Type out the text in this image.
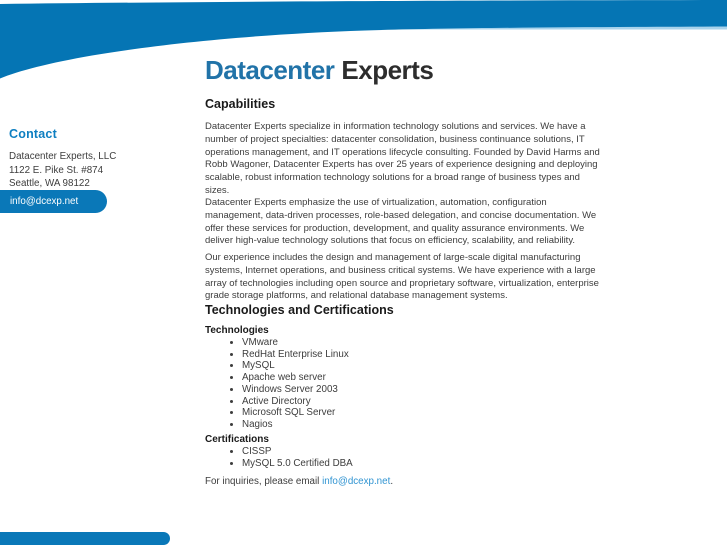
Contact
Datacenter Experts, LLC
1122 E. Pike St. #874
Seattle, WA 98122
info@dcexp.net
Datacenter Experts
Capabilities
Datacenter Experts specialize in information technology solutions and services. We have a
number of project specialties: datacenter consolidation, business continuance solutions, IT
operations management, and IT operations lifecycle consulting. Founded by David Harms and
Robb Wagoner, Datacenter Experts has over 25 years of experience designing and deploying
scalable, robust information technology solutions for a broad range of business types and
sizes.
Datacenter Experts emphasize the use of virtualization, automation, configuration
management, data-driven processes, role-based delegation, and concise documentation. We
offer these services for production, development, and quality assurance environments. We
deliver high-value technology solutions that focus on efficiency, scalability, and reliability.
Our experience includes the design and management of large-scale digital manufacturing
systems, Internet operations, and business critical systems. We have experience with a large
array of technologies including open source and proprietary software, virtualization, enterprise
grade storage platforms, and relational database management systems.
Technologies and Certifications
Technologies
• VMware
• RedHat Enterprise Linux
• MySQL
• Apache web server
• Windows Server 2003
• Active Directory
• Microsoft SQL Server
• Nagios
Certifications
• CISSP
• MySQL 5.0 Certified DBA
For inquiries, please email info@dcexp.net.
